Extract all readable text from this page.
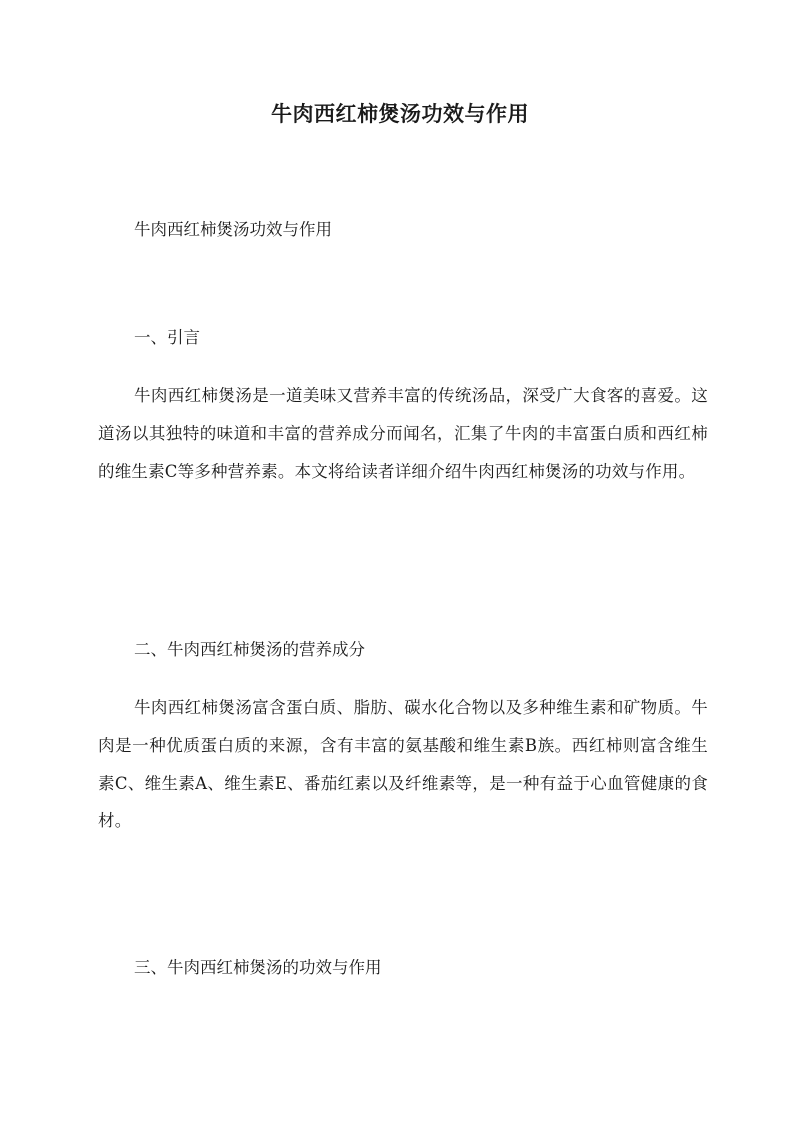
牛肉西红柿煲汤功效与作用
牛肉西红柿煲汤功效与作用
一、引言
牛肉西红柿煲汤是一道美味又营养丰富的传统汤品，深受广大食客的喜爱。这道汤以其独特的味道和丰富的营养成分而闻名，汇集了牛肉的丰富蛋白质和西红柿的维生素C等多种营养素。本文将给读者详细介绍牛肉西红柿煲汤的功效与作用。
二、牛肉西红柿煲汤的营养成分
牛肉西红柿煲汤富含蛋白质、脂肪、碳水化合物以及多种维生素和矿物质。牛肉是一种优质蛋白质的来源，含有丰富的氨基酸和维生素B族。西红柿则富含维生素C、维生素A、维生素E、番茄红素以及纤维素等，是一种有益于心血管健康的食材。
三、牛肉西红柿煲汤的功效与作用
